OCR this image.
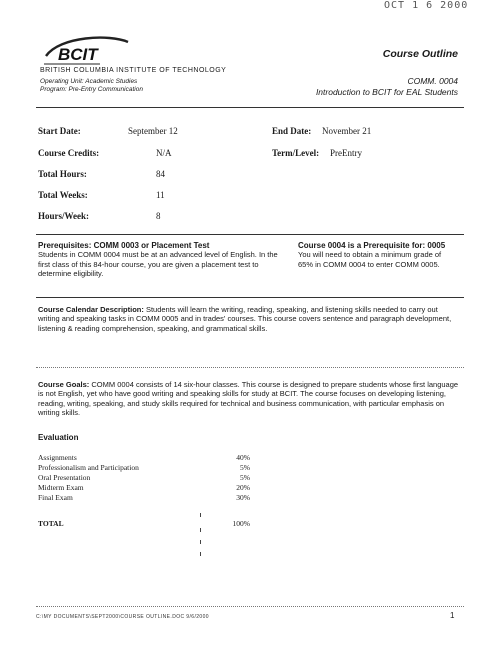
OCT 1 6 2000
BCIT
BRITISH COLUMBIA INSTITUTE OF TECHNOLOGY
Operating Unit: Academic Studies
Program: Pre-Entry Communication
Course Outline
COMM. 0004
Introduction to BCIT for EAL Students
Start Date:	September 12	End Date: November 21
Course Credits:	N/A	Term/Level: PreEntry
Total Hours:	84
Total Weeks:	11
Hours/Week:	8
Prerequisites: COMM 0003 or Placement Test
Students in COMM 0004 must be at an advanced level of English. In the first class of this 84-hour course, you are given a placement test to determine eligibility.
Course 0004 is a Prerequisite for: 0005
You will need to obtain a minimum grade of 65% in COMM 0004 to enter COMM 0005.
Course Calendar Description: Students will learn the writing, reading, speaking, and listening skills needed to carry out writing and speaking tasks in COMM 0005 and in trades' courses. This course covers sentence and paragraph development, listening & reading comprehension, speaking, and grammatical skills.
Course Goals: COMM 0004 consists of 14 six-hour classes. This course is designed to prepare students whose first language is not English, yet who have good writing and speaking skills for study at BCIT. The course focuses on developing listening, reading, writing, speaking, and study skills required for technical and business communication, with particular emphasis on writing skills.
Evaluation
Assignments	40%
Professionalism and Participation	5%
Oral Presentation	5%
Midterm Exam	20%
Final Exam	30%
TOTAL	100%
C:\MY DOCUMENTS\SEPT2000\COURSE OUTLINE.DOC 9/6/2000	1
